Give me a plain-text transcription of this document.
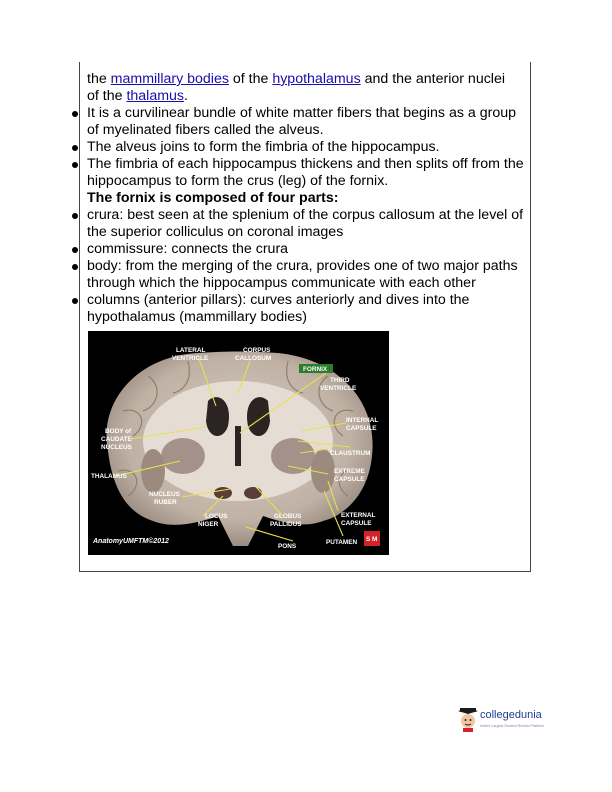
the mammillary bodies of the hypothalamus and the anterior nuclei

of the thalamus.

It is a curvilinear bundle of white matter fibers that begins as a group of myelinated fibers called the alveus.

The alveus joins to form the fimbria of the hippocampus.

The fimbria of each hippocampus thickens and then splits off from the hippocampus to form the crus (leg) of the fornix.

The fornix is composed of four parts:

crura: best seen at the splenium of the corpus callosum at the level of the superior colliculus on coronal images

commissure: connects the crura

body: from the merging of the crura, provides one of two major paths through which the hippocampus communicate with each other

columns (anterior pillars): curves anteriorly and dives into the hypothalamus (mammillary bodies)

LATERAL
VENTRICLE
CORPUS
CALLOSUM
FORNIX
THIRD
VENTRICLE
INTERNAL
CAPSULE
BODY of
CAUDATE
NUCLEUS
CLAUSTRUM
EXTREME
CAPSULE
THALAMUS
NUCLEUS
RUBER
LOCUS
NIGER
GLOBUS
PALLIDUS
EXTERNAL
CAPSULE
PUTAMEN S M
PONS
AnatomyUMFTM©2012
collegedunia
India's Largest Student Review Platform
